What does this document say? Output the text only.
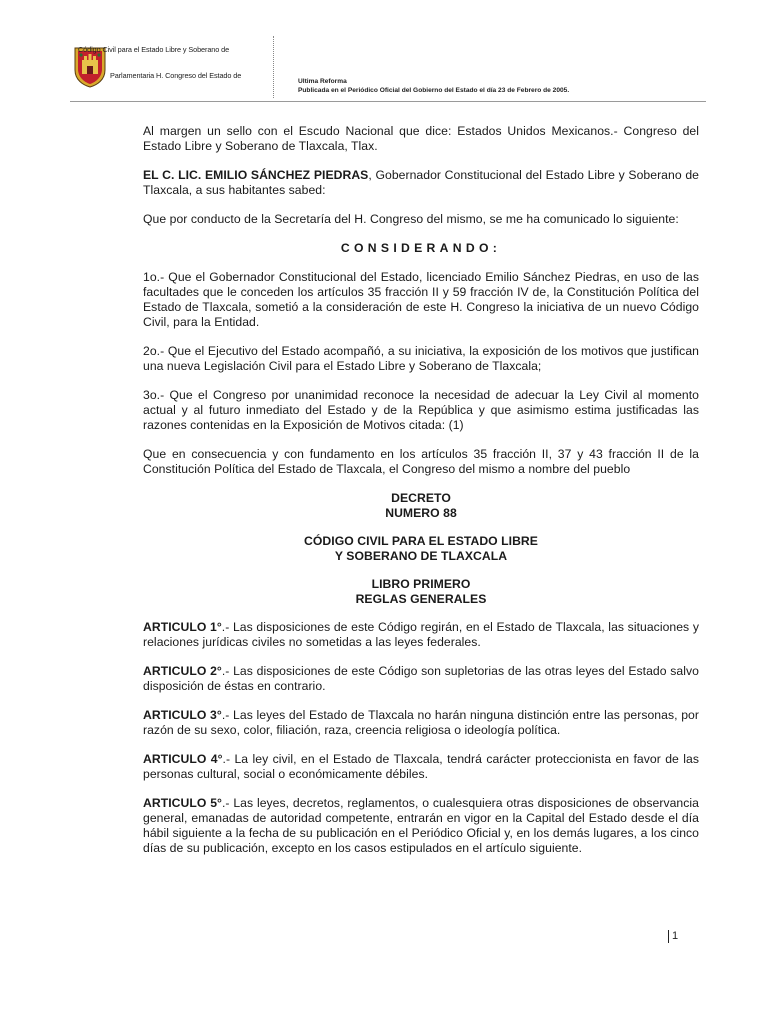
Código Civil para el Estado Libre y Soberano de
Parlamentaria H. Congreso del Estado de
Ultima Reforma
Publicada en el Periódico Oficial del Gobierno del Estado el día 23 de Febrero de 2005.

Al margen un sello con el Escudo Nacional que dice: Estados Unidos Mexicanos.- Congreso del Estado Libre y Soberano de Tlaxcala, Tlax.

EL C. LIC. EMILIO SÁNCHEZ PIEDRAS, Gobernador Constitucional del Estado Libre y Soberano de Tlaxcala, a sus habitantes sabed:

Que por conducto de la Secretaría del H. Congreso del mismo, se me ha comunicado lo siguiente:

CONSIDERANDO:

1o.- Que el Gobernador Constitucional del Estado, licenciado Emilio Sánchez Piedras, en uso de las facultades que le conceden los artículos 35 fracción II y 59 fracción IV de, la Constitución Política del Estado de Tlaxcala, sometió a la consideración de este H. Congreso la iniciativa de un nuevo Código Civil, para la Entidad.

2o.- Que el Ejecutivo del Estado acompañó, a su iniciativa, la exposición de los motivos que justifican una nueva Legislación Civil para el Estado Libre y Soberano de Tlaxcala;

3o.- Que el Congreso por unanimidad reconoce la necesidad de adecuar la Ley Civil al momento actual y al futuro inmediato del Estado y de la República y que asimismo estima justificadas las razones contenidas en la Exposición de Motivos citada: (1)

Que en consecuencia y con fundamento en los artículos 35 fracción II, 37 y 43 fracción II de la Constitución Política del Estado de Tlaxcala, el Congreso del mismo a nombre del pueblo

DECRETO
NUMERO 88
CÓDIGO CIVIL PARA EL ESTADO LIBRE
Y SOBERANO DE TLAXCALA
LIBRO PRIMERO
REGLAS GENERALES

ARTICULO 1°.- Las disposiciones de este Código regirán, en el Estado de Tlaxcala, las situaciones y relaciones jurídicas civiles no sometidas a las leyes federales.

ARTICULO 2°.- Las disposiciones de este Código son supletorias de las otras leyes del Estado salvo disposición de éstas en contrario.

ARTICULO 3°.- Las leyes del Estado de Tlaxcala no harán ninguna distinción entre las personas, por razón de su sexo, color, filiación, raza, creencia religiosa o ideología política.

ARTICULO 4°.- La ley civil, en el Estado de Tlaxcala, tendrá carácter proteccionista en favor de las personas cultural, social o económicamente débiles.

ARTICULO 5°.- Las leyes, decretos, reglamentos, o cualesquiera otras disposiciones de observancia general, emanadas de autoridad competente, entrarán en vigor en la Capital del Estado desde el día hábil siguiente a la fecha de su publicación en el Periódico Oficial y, en los demás lugares, a los cinco días de su publicación, excepto en los casos estipulados en el artículo siguiente.

1
